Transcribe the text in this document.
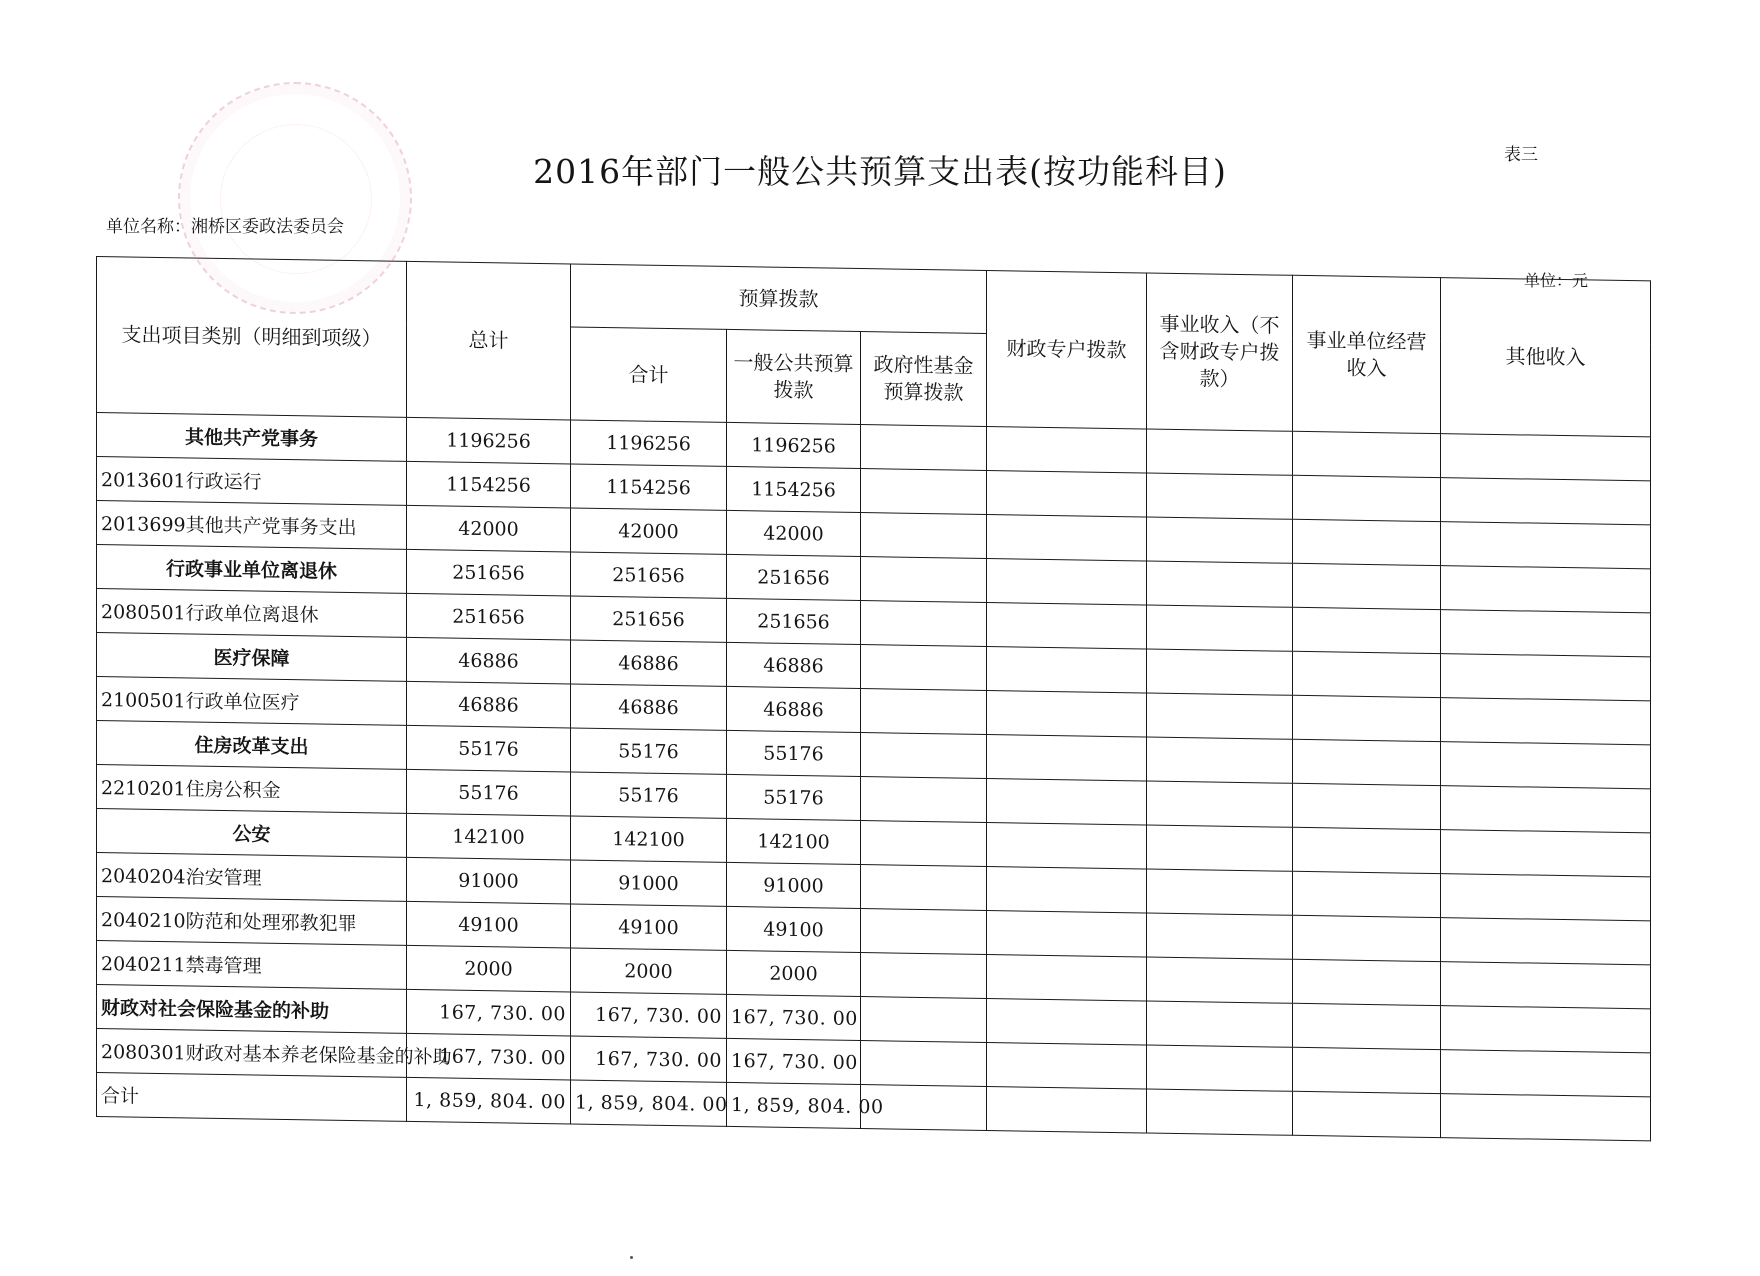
表三
2016年部门一般公共预算支出表(按功能科目)
单位名称：湘桥区委政法委员会
单位：元
支出项目类别（明细到项级）	总计	预算拨款			财政专户拨款	事业收入（不含财政专户拨款）	事业单位经营收入	其他收入
		合计	一般公共预算拨款	政府性基金预算拨款				
其他共产党事务	1196256	1196256	1196256					
2013601行政运行	1154256	1154256	1154256					
2013699其他共产党事务支出	42000	42000	42000					
行政事业单位离退休	251656	251656	251656					
2080501行政单位离退休	251656	251656	251656					
医疗保障	46886	46886	46886					
2100501行政单位医疗	46886	46886	46886					
住房改革支出	55176	55176	55176					
2210201住房公积金	55176	55176	55176					
公安	142100	142100	142100					
2040204治安管理	91000	91000	91000					
2040210防范和处理邪教犯罪	49100	49100	49100					
2040211禁毒管理	2000	2000	2000					
财政对社会保险基金的补助	167, 730. 00	167, 730. 00	167, 730. 00					
2080301财政对基本养老保险基金的补助	167, 730. 00	167, 730. 00	167, 730. 00					
合计	1, 859, 804. 00	1, 859, 804. 00	1, 859, 804. 00					
